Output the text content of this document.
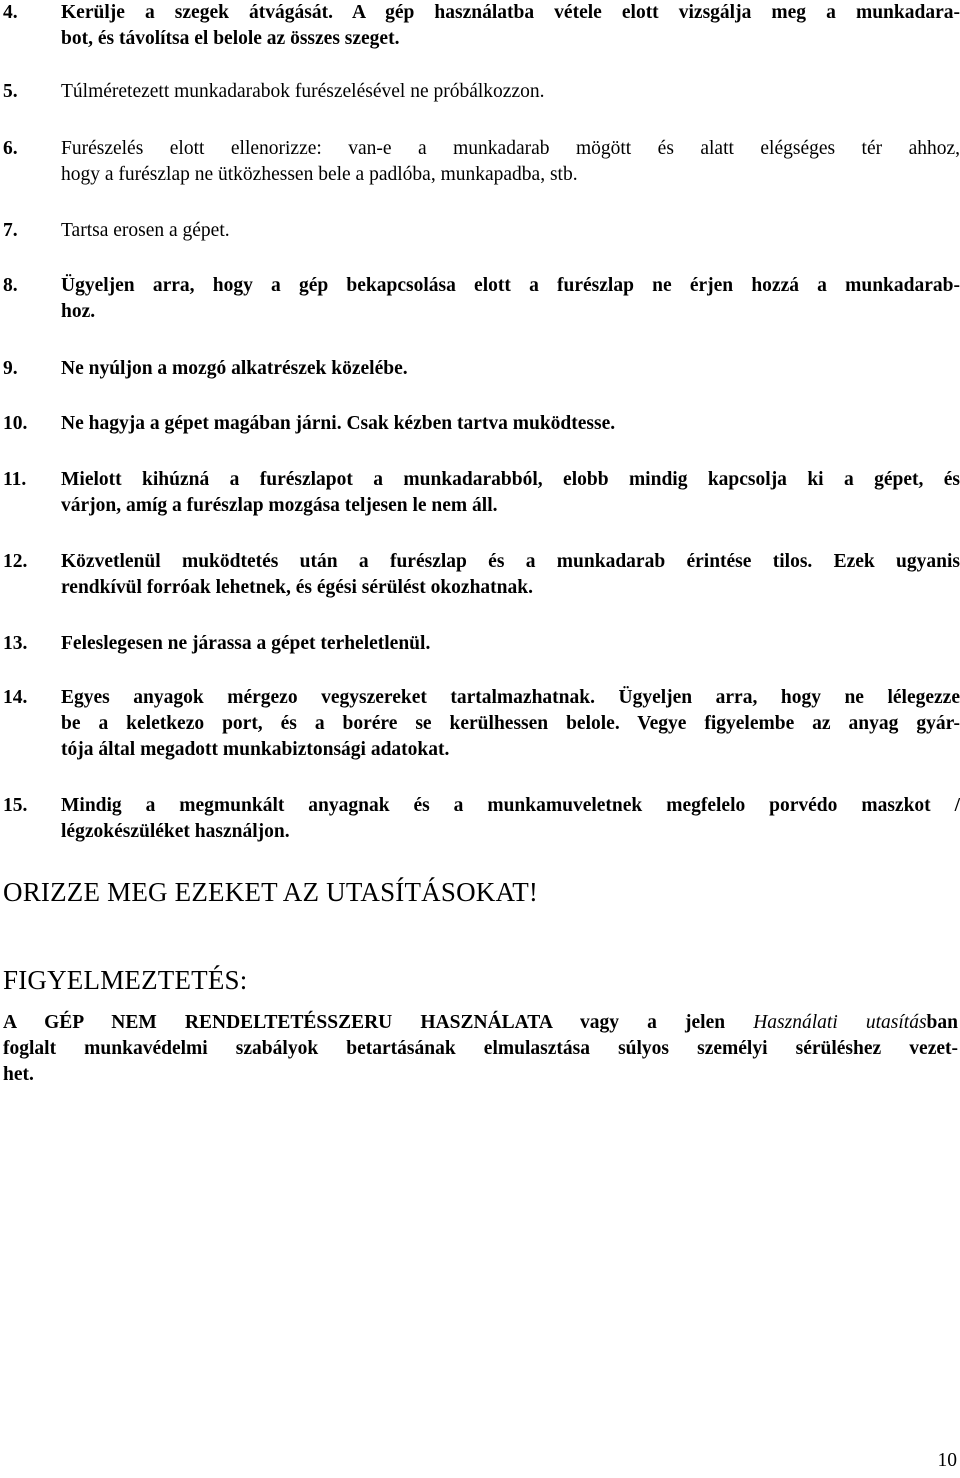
4. Kerülje a szegek átvágását. A gép használatba vétele elott vizsgálja meg a munkadara-
bot, és távolítsa el belole az összes szeget.
5. Túlméretezett munkadarabok furészelésével ne próbálkozzon.
6. Furészelés elott ellenorizze: van-e a munkadarab mögött és alatt elégséges tér ahhoz,
hogy a furészlap ne ütközhessen bele a padlóba, munkapadba, stb.
7. Tartsa erosen a gépet.
8. Ügyeljen arra, hogy a gép bekapcsolása elott a furészlap ne érjen hozzá a munkadarab-
hoz.
9. Ne nyúljon a mozgó alkatrészek közelébe.
10. Ne hagyja a gépet magában járni. Csak kézben tartva muködtesse.
11. Mielott kihúzná a furészlapot a munkadarabból, elobb mindig kapcsolja ki a gépet, és
várjon, amíg a furészlap mozgása teljesen le nem áll.
12. Közvetlenül muködtetés után a furészlap és a munkadarab érintése tilos. Ezek ugyanis
rendkívül forróak lehetnek, és égési sérülést okozhatnak.
13. Feleslegesen ne járassa a gépet terheletlenül.
14. Egyes anyagok mérgezo vegyszereket tartalmazhatnak. Ügyeljen arra, hogy ne lélegezze
be a keletkezo port, és a borére se kerülhessen belole. Vegye figyelembe az anyag gyár-
tója által megadott munkabiztonsági adatokat.
15. Mindig a megmunkált anyagnak és a munkamuveletnek megfelelo porvédo maszkot /
légzokészüléket használjon.
ORIZZE MEG EZEKET AZ UTASÍTÁSOKAT!
FIGYELMEZTETÉS:
A GÉP NEM RENDELTETÉSSZERU HASZNÁLATA vagy a jelen Használati utasításban
foglalt munkavédelmi szabályok betartásának elmulasztása súlyos személyi sérüléshez vezet-
het.
10
